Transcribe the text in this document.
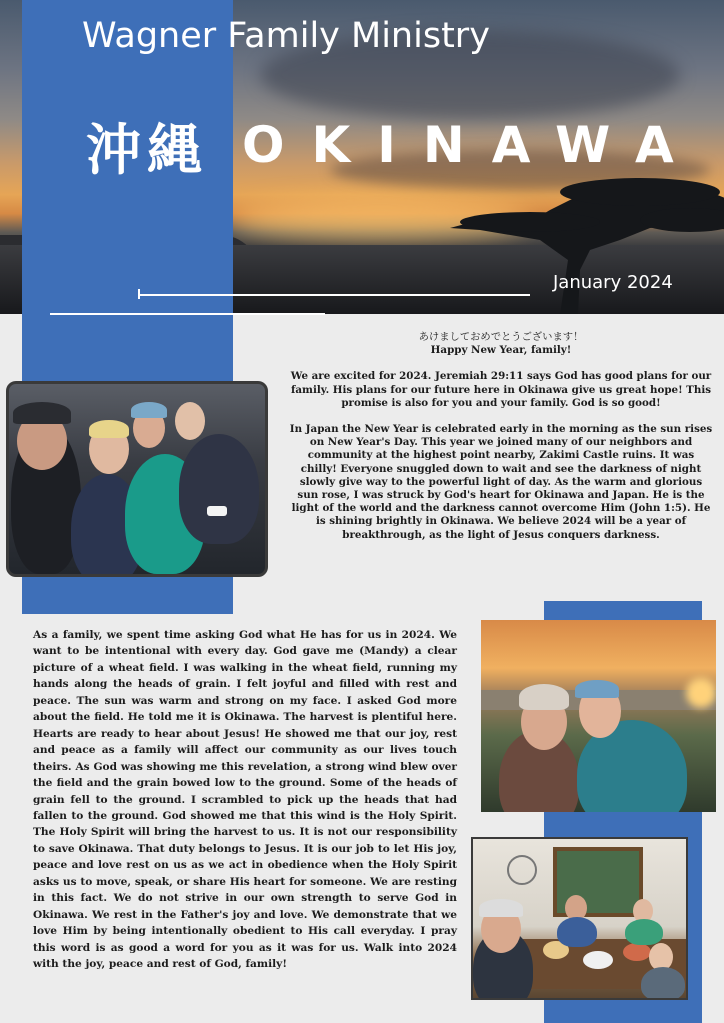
Wagner Family Ministry
沖縄 OKINAWA
January 2024

あけましておめでとうございます！
Happy New Year, family!

We are excited for 2024. Jeremiah 29:11 says God has good plans for our family. His plans for our future here in Okinawa give us great hope! This promise is also for you and your family. God is so good!

In Japan the New Year is celebrated early in the morning as the sun rises on New Year's Day. This year we joined many of our neighbors and community at the highest point nearby, Zakimi Castle ruins. It was chilly! Everyone snuggled down to wait and see the darkness of night slowly give way to the powerful light of day. As the warm and glorious sun rose, I was struck by God's heart for Okinawa and Japan. He is the light of the world and the darkness cannot overcome Him (John 1:5). He is shining brightly in Okinawa. We believe 2024 will be a year of breakthrough, as the light of Jesus conquers darkness.

As a family, we spent time asking God what He has for us in 2024. We want to be intentional with every day. God gave me (Mandy) a clear picture of a wheat field. I was walking in the wheat field, running my hands along the heads of grain. I felt joyful and filled with rest and peace. The sun was warm and strong on my face. I asked God more about the field. He told me it is Okinawa. The harvest is plentiful here. Hearts are ready to hear about Jesus! He showed me that our joy, rest and peace as a family will affect our community as our lives touch theirs. As God was showing me this revelation, a strong wind blew over the field and the grain bowed low to the ground. Some of the heads of grain fell to the ground. I scrambled to pick up the heads that had fallen to the ground. God showed me that this wind is the Holy Spirit. The Holy Spirit will bring the harvest to us. It is not our responsibility to save Okinawa. That duty belongs to Jesus. It is our job to let His joy, peace and love rest on us as we act in obedience when the Holy Spirit asks us to move, speak, or share His heart for someone. We are resting in this fact. We do not strive in our own strength to serve God in Okinawa. We rest in the Father's joy and love. We demonstrate that we love Him by being intentionally obedient to His call everyday. I pray this word is as good a word for you as it was for us. Walk into 2024 with the joy, peace and rest of God, family!
